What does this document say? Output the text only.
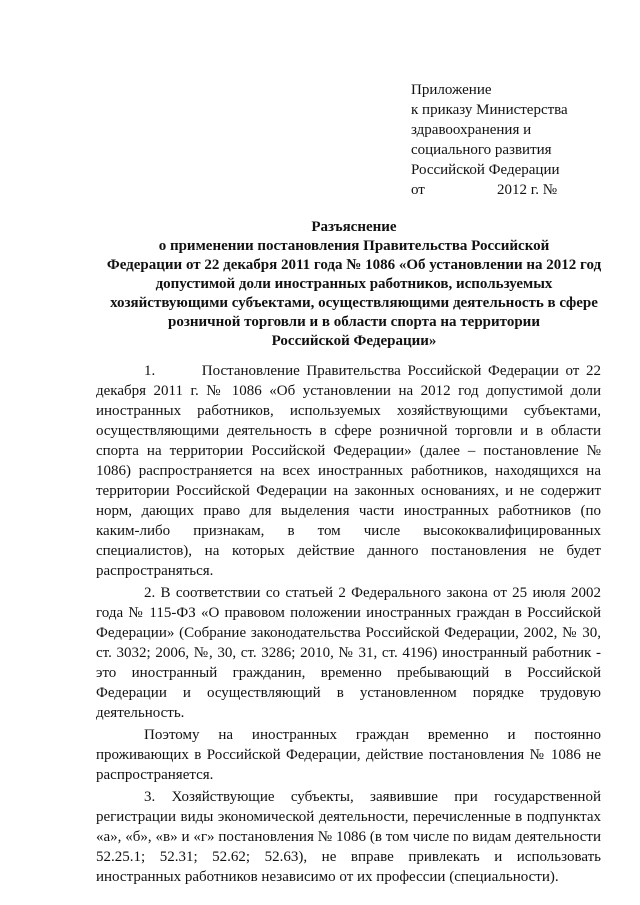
Приложение
к приказу Министерства
здравоохранения и
социального развития
Российской Федерации
от	2012 г. №
Разъяснение
о применении постановления Правительства Российской
Федерации от 22 декабря 2011 года № 1086 «Об установлении на 2012 год
допустимой доли иностранных работников, используемых
хозяйствующими субъектами, осуществляющими деятельность в сфере
розничной торговли и в области спорта на территории
Российской Федерации»

1.       Постановление Правительства Российской Федерации от 22 декабря 2011 г. № 1086 «Об установлении на 2012 год допустимой доли иностранных работников, используемых хозяйствующими субъектами, осуществляющими деятельность в сфере розничной торговли и в области спорта на территории Российской Федерации» (далее – постановление № 1086) распространяется на всех иностранных работников, находящихся на территории Российской Федерации на законных основаниях, и не содержит норм, дающих право для выделения части иностранных работников (по каким-либо признакам, в том числе высококвалифицированных специалистов), на которых действие данного постановления не будет распространяться.

2. В соответствии со статьей 2 Федерального закона от 25 июля 2002 года № 115-ФЗ «О правовом положении иностранных граждан в Российской Федерации» (Собрание законодательства Российской Федерации, 2002, № 30, ст. 3032; 2006, №, 30, ст. 3286; 2010, № 31, ст. 4196) иностранный работник - это иностранный гражданин, временно пребывающий в Российской Федерации и осуществляющий в установленном порядке трудовую деятельность.

Поэтому на иностранных граждан временно и постоянно проживающих в Российской Федерации, действие постановления № 1086 не распространяется.

3. Хозяйствующие субъекты, заявившие при государственной регистрации виды экономической деятельности, перечисленные в подпунктах «а», «б», «в» и «г» постановления № 1086 (в том числе по видам деятельности 52.25.1; 52.31; 52.62; 52.63), не вправе привлекать и использовать иностранных работников независимо от их профессии (специальности).
